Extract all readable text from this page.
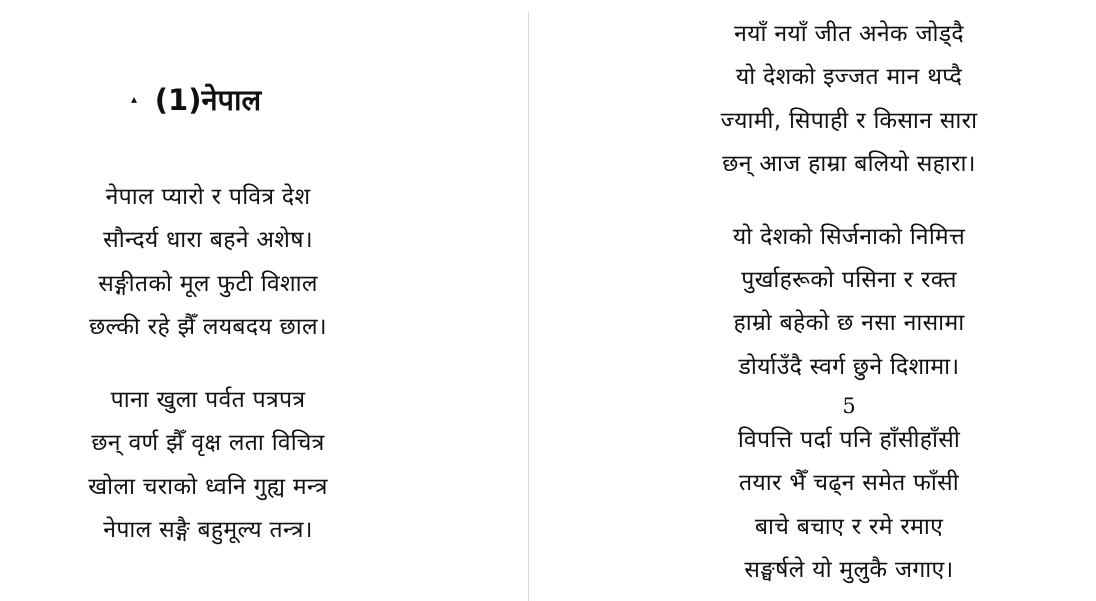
▴ (1)नेपाल
नेपाल प्यारो र पवित्र देश
सौन्दर्य धारा बहने अशेष।
सङ्गीतको मूल फुटी विशाल
छल्की रहे झैँ लयबदय छाल।
पाना खुला पर्वत पत्रपत्र
छन् वर्ण झैँ वृक्ष लता विचित्र
खोला चराको ध्वनि गुह्य मन्त्र
नेपाल सङ्गै बहुमूल्य तन्त्र।
नयाँ नयाँ जीत अनेक जोड्दै
यो देशको इज्जत मान थप्दै
ज्यामी, सिपाही र किसान सारा
छन् आज हाम्रा बलियो सहारा।
यो देशको सिर्जनाको निमित्त
पुर्खाहरूको पसिना र रक्त
हाम्रो बहेको छ नसा नासामा
डोर्याउँदै स्वर्ग छुने दिशामा।
5
विपत्ति पर्दा पनि हाँसीहाँसी
तयार भैँ चढ्न समेत फाँसी
बाचे बचाए र रमे रमाए
सङ्घर्षले यो मुलुकै जगाए।
